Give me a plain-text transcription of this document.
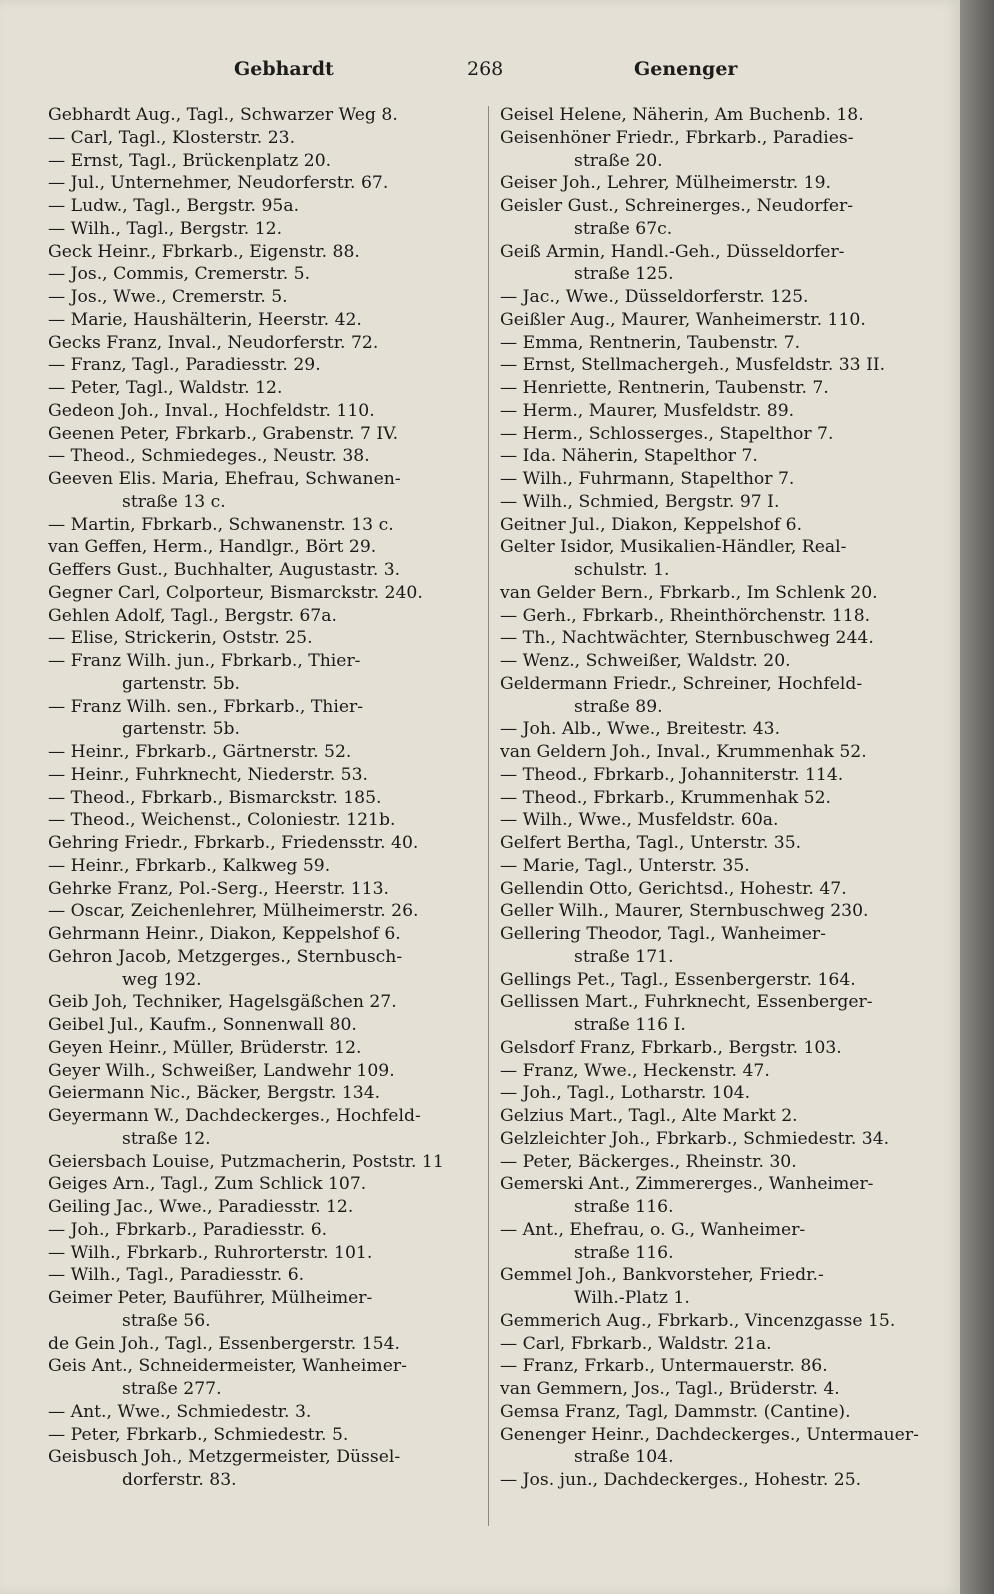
Gebhardt	268	Genenger
Gebhardt Aug., Tagl., Schwarzer Weg 8.
— Carl, Tagl., Klosterstr. 23.
— Ernst, Tagl., Brückenplatz 20.
— Jul., Unternehmer, Neudorferstr. 67.
— Ludw., Tagl., Bergstr. 95a.
— Wilh., Tagl., Bergstr. 12.
Geck Heinr., Fbrkarb., Eigenstr. 88.
— Jos., Commis, Cremerstr. 5.
— Jos., Wwe., Cremerstr. 5.
— Marie, Haushälterin, Heerstr. 42.
Gecks Franz, Inval., Neudorferstr. 72.
— Franz, Tagl., Paradiesstr. 29.
— Peter, Tagl., Waldstr. 12.
Gedeon Joh., Inval., Hochfeldstr. 110.
Geenen Peter, Fbrkarb., Grabenstr. 7 IV.
— Theod., Schmiedeges., Neustr. 38.
Geeven Elis. Maria, Ehefrau, Schwanen-
straße 13 c.
— Martin, Fbrkarb., Schwanenstr. 13 c.
van Geffen, Herm., Handlgr., Bört 29.
Geffers Gust., Buchhalter, Augustastr. 3.
Gegner Carl, Colporteur, Bismarckstr. 240.
Gehlen Adolf, Tagl., Bergstr. 67a.
— Elise, Strickerin, Oststr. 25.
— Franz Wilh. jun., Fbrkarb., Thier-
gartenstr. 5b.
— Franz Wilh. sen., Fbrkarb., Thier-
gartenstr. 5b.
— Heinr., Fbrkarb., Gärtnerstr. 52.
— Heinr., Fuhrknecht, Niederstr. 53.
— Theod., Fbrkarb., Bismarckstr. 185.
— Theod., Weichenst., Coloniestr. 121b.
Gehring Friedr., Fbrkarb., Friedensstr. 40.
— Heinr., Fbrkarb., Kalkweg 59.
Gehrke Franz, Pol.-Serg., Heerstr. 113.
— Oscar, Zeichenlehrer, Mülheimerstr. 26.
Gehrmann Heinr., Diakon, Keppelshof 6.
Gehron Jacob, Metzgerges., Sternbusch-
weg 192.
Geib Joh, Techniker, Hagelsgäßchen 27.
Geibel Jul., Kaufm., Sonnenwall 80.
Geyen Heinr., Müller, Brüderstr. 12.
Geyer Wilh., Schweißer, Landwehr 109.
Geiermann Nic., Bäcker, Bergstr. 134.
Geyermann W., Dachdeckerges., Hochfeld-
straße 12.
Geiersbach Louise, Putzmacherin, Poststr. 11
Geiges Arn., Tagl., Zum Schlick 107.
Geiling Jac., Wwe., Paradiesstr. 12.
— Joh., Fbrkarb., Paradiesstr. 6.
— Wilh., Fbrkarb., Ruhrorterstr. 101.
— Wilh., Tagl., Paradiesstr. 6.
Geimer Peter, Bauführer, Mülheimer-
straße 56.
de Gein Joh., Tagl., Essenbergerstr. 154.
Geis Ant., Schneidermeister, Wanheimer-
straße 277.
— Ant., Wwe., Schmiedestr. 3.
— Peter, Fbrkarb., Schmiedestr. 5.
Geisbusch Joh., Metzgermeister, Düssel-
dorferstr. 83.
Geisel Helene, Näherin, Am Buchenb. 18.
Geisenhöner Friedr., Fbrkarb., Paradies-
straße 20.
Geiser Joh., Lehrer, Mülheimerstr. 19.
Geisler Gust., Schreinerges., Neudorfer-
straße 67c.
Geiß Armin, Handl.-Geh., Düsseldorfer-
straße 125.
— Jac., Wwe., Düsseldorferstr. 125.
Geißler Aug., Maurer, Wanheimerstr. 110.
— Emma, Rentnerin, Taubenstr. 7.
— Ernst, Stellmachergeh., Musfeldstr. 33 II.
— Henriette, Rentnerin, Taubenstr. 7.
— Herm., Maurer, Musfeldstr. 89.
— Herm., Schlosserges., Stapelthor 7.
— Ida. Näherin, Stapelthor 7.
— Wilh., Fuhrmann, Stapelthor 7.
— Wilh., Schmied, Bergstr. 97 I.
Geitner Jul., Diakon, Keppelshof 6.
Gelter Isidor, Musikalien-Händler, Real-
schulstr. 1.
van Gelder Bern., Fbrkarb., Im Schlenk 20.
— Gerh., Fbrkarb., Rheinthörchenstr. 118.
— Th., Nachtwächter, Sternbuschweg 244.
— Wenz., Schweißer, Waldstr. 20.
Geldermann Friedr., Schreiner, Hochfeld-
straße 89.
— Joh. Alb., Wwe., Breitestr. 43.
van Geldern Joh., Inval., Krummenhak 52.
— Theod., Fbrkarb., Johanniterstr. 114.
— Theod., Fbrkarb., Krummenhak 52.
— Wilh., Wwe., Musfeldstr. 60a.
Gelfert Bertha, Tagl., Unterstr. 35.
— Marie, Tagl., Unterstr. 35.
Gellendin Otto, Gerichtsd., Hohestr. 47.
Geller Wilh., Maurer, Sternbuschweg 230.
Gellering Theodor, Tagl., Wanheimer-
straße 171.
Gellings Pet., Tagl., Essenbergerstr. 164.
Gellissen Mart., Fuhrknecht, Essenberger-
straße 116 I.
Gelsdorf Franz, Fbrkarb., Bergstr. 103.
— Franz, Wwe., Heckenstr. 47.
— Joh., Tagl., Lotharstr. 104.
Gelzius Mart., Tagl., Alte Markt 2.
Gelzleichter Joh., Fbrkarb., Schmiedestr. 34.
— Peter, Bäckerges., Rheinstr. 30.
Gemerski Ant., Zimmererges., Wanheimer-
straße 116.
— Ant., Ehefrau, o. G., Wanheimer-
straße 116.
Gemmel Joh., Bankvorsteher, Friedr.-
Wilh.-Platz 1.
Gemmerich Aug., Fbrkarb., Vincenzgasse 15.
— Carl, Fbrkarb., Waldstr. 21a.
— Franz, Frkarb., Untermauerstr. 86.
van Gemmern, Jos., Tagl., Brüderstr. 4.
Gemsa Franz, Tagl, Dammstr. (Cantine).
Genenger Heinr., Dachdeckerges., Untermauer-
straße 104.
— Jos. jun., Dachdeckerges., Hohestr. 25.
